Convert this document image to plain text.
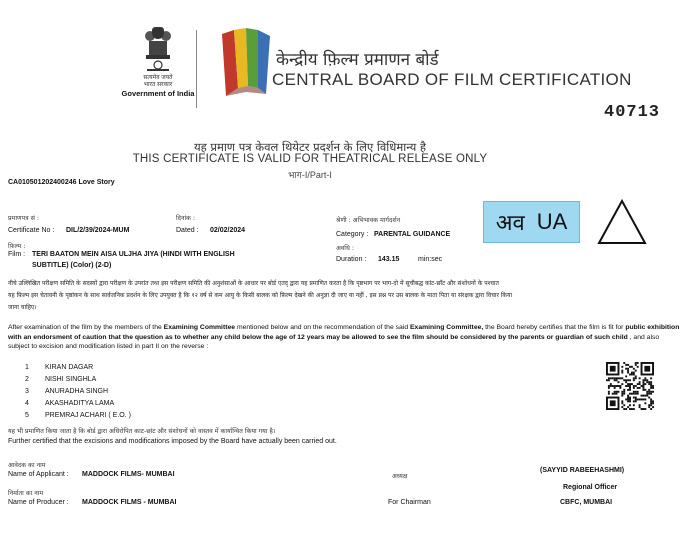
सत्यमेव जयते
भारत सरकार
Government of India
केन्द्रीय फ़िल्म प्रमाणन बोर्ड
CENTRAL BOARD OF FILM CERTIFICATION
40713
यह प्रमाण पत्र केवल थियेटर प्रदर्शन के लिए विधिमान्य है
THIS CERTIFICATE IS VALID FOR THEATRICAL RELEASE ONLY
भाग-I/Part-I
CA010501202400246 Love Story
प्रमाणपत्र सं :
Certificate No : DIL/2/39/2024-MUM
दिनांक :
Dated : 02/02/2024
फ़िल्म :
Film : TERI BAATON MEIN AISA ULJHA JIYA (HINDI WITH ENGLISH
SUBTITLE) (Color) (2-D)
श्रेणी : अभिभावक मार्गदर्शन
Category : PARENTAL GUIDANCE
अवधि :
Duration : 143.15	min:sec
अव UA
नीचे उल्लिखित परीक्षण समिति के सदस्यों द्वारा परीक्षण के उपरांत तथा इस परीक्षण समिति की अनुशंसाओं के आधार पर बोर्ड एतद् द्वारा यह प्रमाणित करता है कि पृष्ठभाग पर भाग-दो में सूचीबद्ध कांट-छाँट और संशोधनों के पश्चात
यह फ़िल्म इस चेतावनी के पृष्ठांकन के साथ सार्वजनिक प्रदर्शन के लिए उपयुक्त है कि १२ वर्ष से कम आयु के किसी बालक को फ़िल्म देखने की अनुज्ञा दी जाए या नहीं , इस प्रश्न पर उस बालक के माता पिता या संरक्षक द्वारा विचार किया
जाना चाहिए।
After examination of the film by the members of the Examining Committee mentioned below and on the recommendation of the said Examining Committee, the Board hereby certifies that the film is fit for public exhibition with an endorsment of caution that the question as to whether any child below the age of 12 years may be allowed to see the film should be considered by the parents or guardian of such child , and also subject to excision and modification listed in part II on the reverse :
1 KIRAN DAGAR
2 NISHI SINGHLA
3 ANURADHA SINGH
4 AKASHADITYA LAMA
5 PREMRAJ ACHARI ( E.O. )
यह भी प्रमाणित किया जाता है कि बोर्ड द्वारा अधिरोपित काट-छांट और संशोधनों को वास्तव में कार्यान्वित किया गया है।
Further certified that the excisions and modifications imposed by the Board have actually been carried out.
आवेदक का नाम
Name of Applicant : MADDOCK FILMS- MUMBAI
निर्माता का नाम
Name of Producer : MADDOCK FILMS - MUMBAI
अध्यक्ष
For Chairman
(SAYYID RABEEHASHMI)
Regional Officer
CBFC, MUMBAI
